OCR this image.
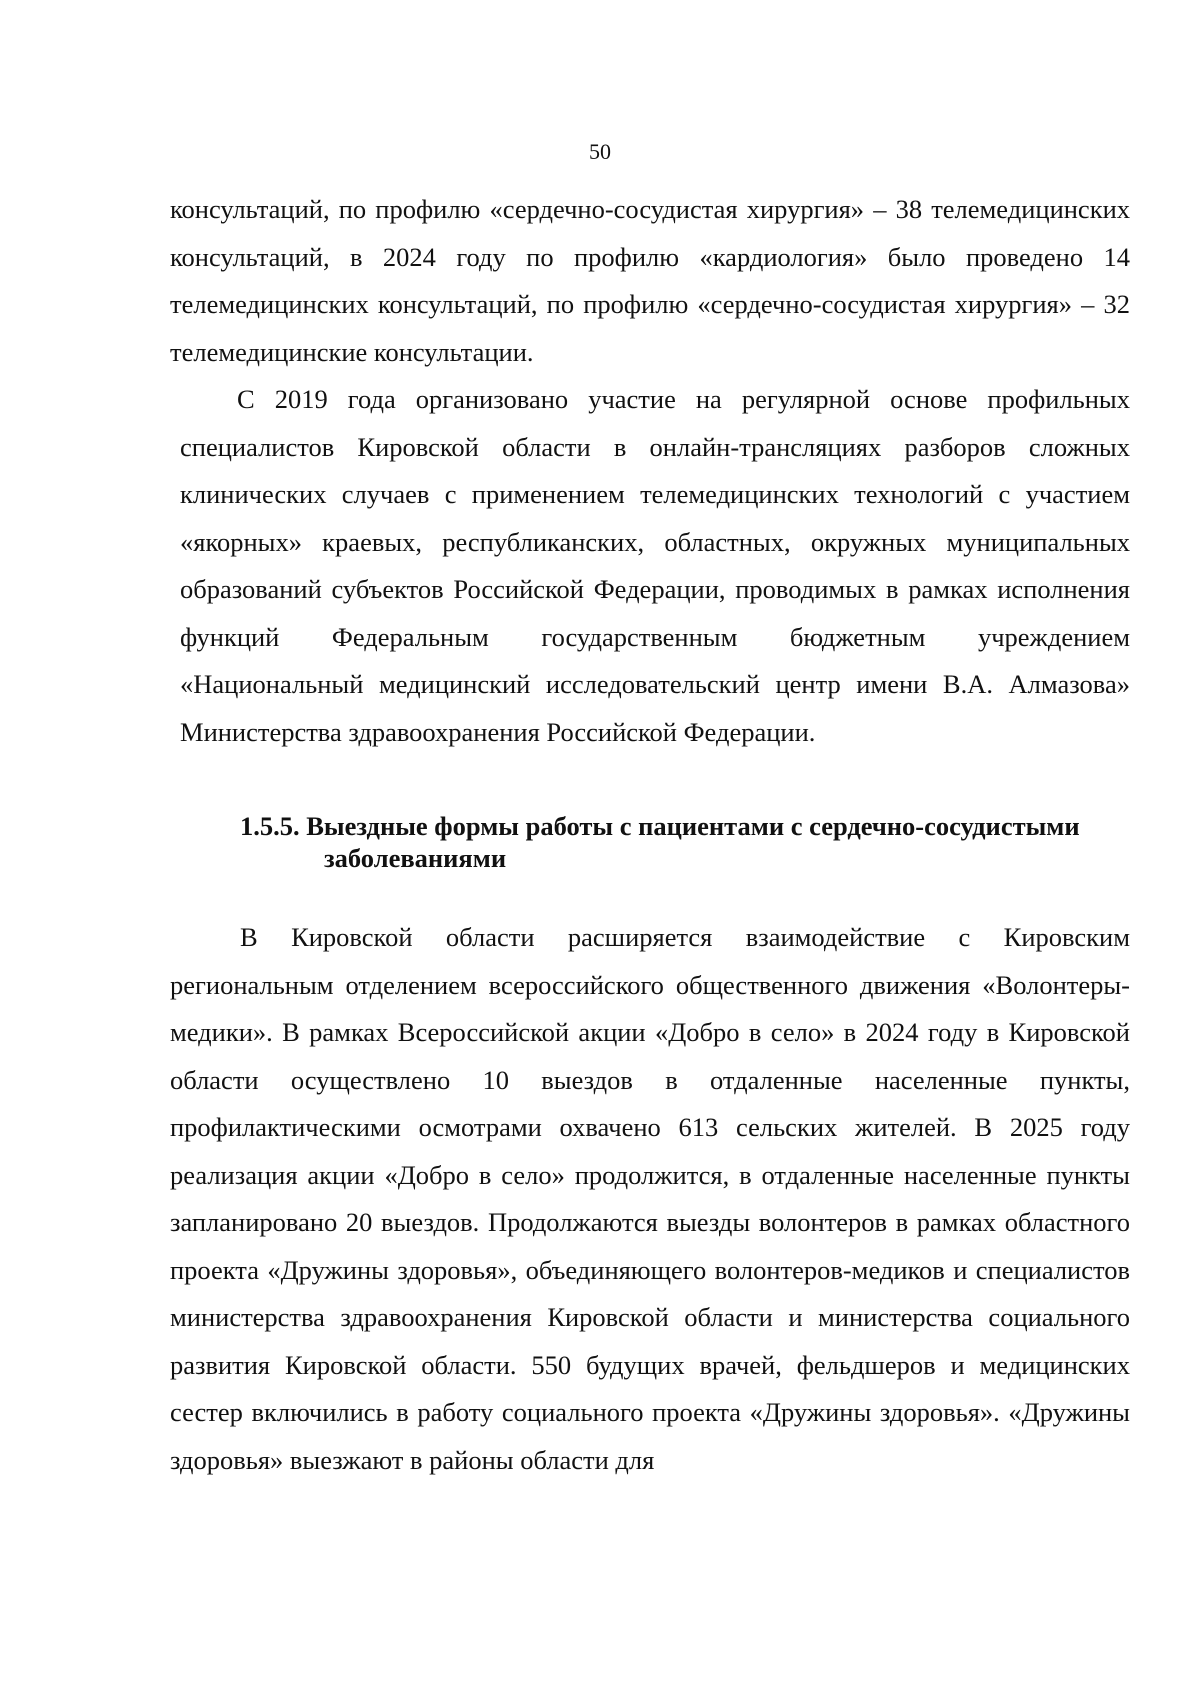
50
консультаций, по профилю «сердечно-сосудистая хирургия» – 38 телемедицинских консультаций, в 2024 году по профилю «кардиология» было проведено 14 телемедицинских консультаций, по профилю «сердечно-сосудистая хирургия» – 32 телемедицинские консультации.
С 2019 года организовано участие на регулярной основе профильных специалистов Кировской области в онлайн-трансляциях разборов сложных клинических случаев с применением телемедицинских технологий с участием «якорных» краевых, республиканских, областных, окружных муниципальных образований субъектов Российской Федерации, проводимых в рамках исполнения функций Федеральным государственным бюджетным учреждением «Национальный медицинский исследовательский центр имени В.А. Алмазова» Министерства здравоохранения Российской Федерации.
1.5.5. Выездные формы работы с пациентами с сердечно-сосудистыми заболеваниями
В Кировской области расширяется взаимодействие с Кировским региональным отделением всероссийского общественного движения «Волонтеры-медики». В рамках Всероссийской акции «Добро в село» в 2024 году в Кировской области осуществлено 10 выездов в отдаленные населенные пункты, профилактическими осмотрами охвачено 613 сельских жителей. В 2025 году реализация акции «Добро в село» продолжится, в отдаленные населенные пункты запланировано 20 выездов. Продолжаются выезды волонтеров в рамках областного проекта «Дружины здоровья», объединяющего волонтеров-медиков и специалистов министерства здравоохранения Кировской области и министерства социального развития Кировской области. 550 будущих врачей, фельдшеров и медицинских сестер включились в работу социального проекта «Дружины здоровья». «Дружины здоровья» выезжают в районы области для
